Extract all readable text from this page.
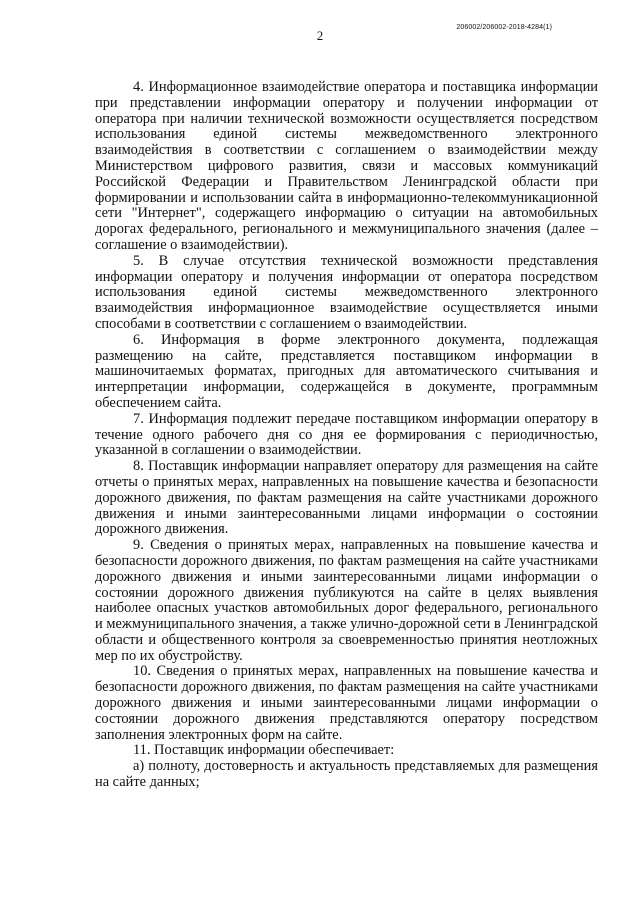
2
206002/206002-2018-4284(1)

4. Информационное взаимодействие оператора и поставщика информации при представлении информации оператору и получении информации от оператора при наличии технической возможности осуществляется посредством использования единой системы межведомственного электронного взаимодействия в соответствии с соглашением о взаимодействии между Министерством цифрового развития, связи и массовых коммуникаций Российской Федерации и Правительством Ленинградской области при формировании и использовании сайта в информационно-телекоммуникационной сети "Интернет", содержащего информацию о ситуации на автомобильных дорогах федерального, регионального и межмуниципального значения (далее – соглашение о взаимодействии).

5. В случае отсутствия технической возможности представления информации оператору и получения информации от оператора посредством использования единой системы межведомственного электронного взаимодействия информационное взаимодействие осуществляется иными способами в соответствии с соглашением о взаимодействии.

6. Информация в форме электронного документа, подлежащая размещению на сайте, представляется поставщиком информации в машиночитаемых форматах, пригодных для автоматического считывания и интерпретации информации, содержащейся в документе, программным обеспечением сайта.

7. Информация подлежит передаче поставщиком информации оператору в течение одного рабочего дня со дня ее формирования с периодичностью, указанной в соглашении о взаимодействии.

8. Поставщик информации направляет оператору для размещения на сайте отчеты о принятых мерах, направленных на повышение качества и безопасности дорожного движения, по фактам размещения на сайте участниками дорожного движения и иными заинтересованными лицами информации о состоянии дорожного движения.

9. Сведения о принятых мерах, направленных на повышение качества и безопасности дорожного движения, по фактам размещения на сайте участниками дорожного движения и иными заинтересованными лицами информации о состоянии дорожного движения публикуются на сайте в целях выявления наиболее опасных участков автомобильных дорог федерального, регионального и межмуниципального значения, а также улично-дорожной сети в Ленинградской области и общественного контроля за своевременностью принятия неотложных мер по их обустройству.

10. Сведения о принятых мерах, направленных на повышение качества и безопасности дорожного движения, по фактам размещения на сайте участниками дорожного движения и иными заинтересованными лицами информации о состоянии дорожного движения представляются оператору посредством заполнения электронных форм на сайте.

11. Поставщик информации обеспечивает:

а) полноту, достоверность и актуальность представляемых для размещения на сайте данных;
